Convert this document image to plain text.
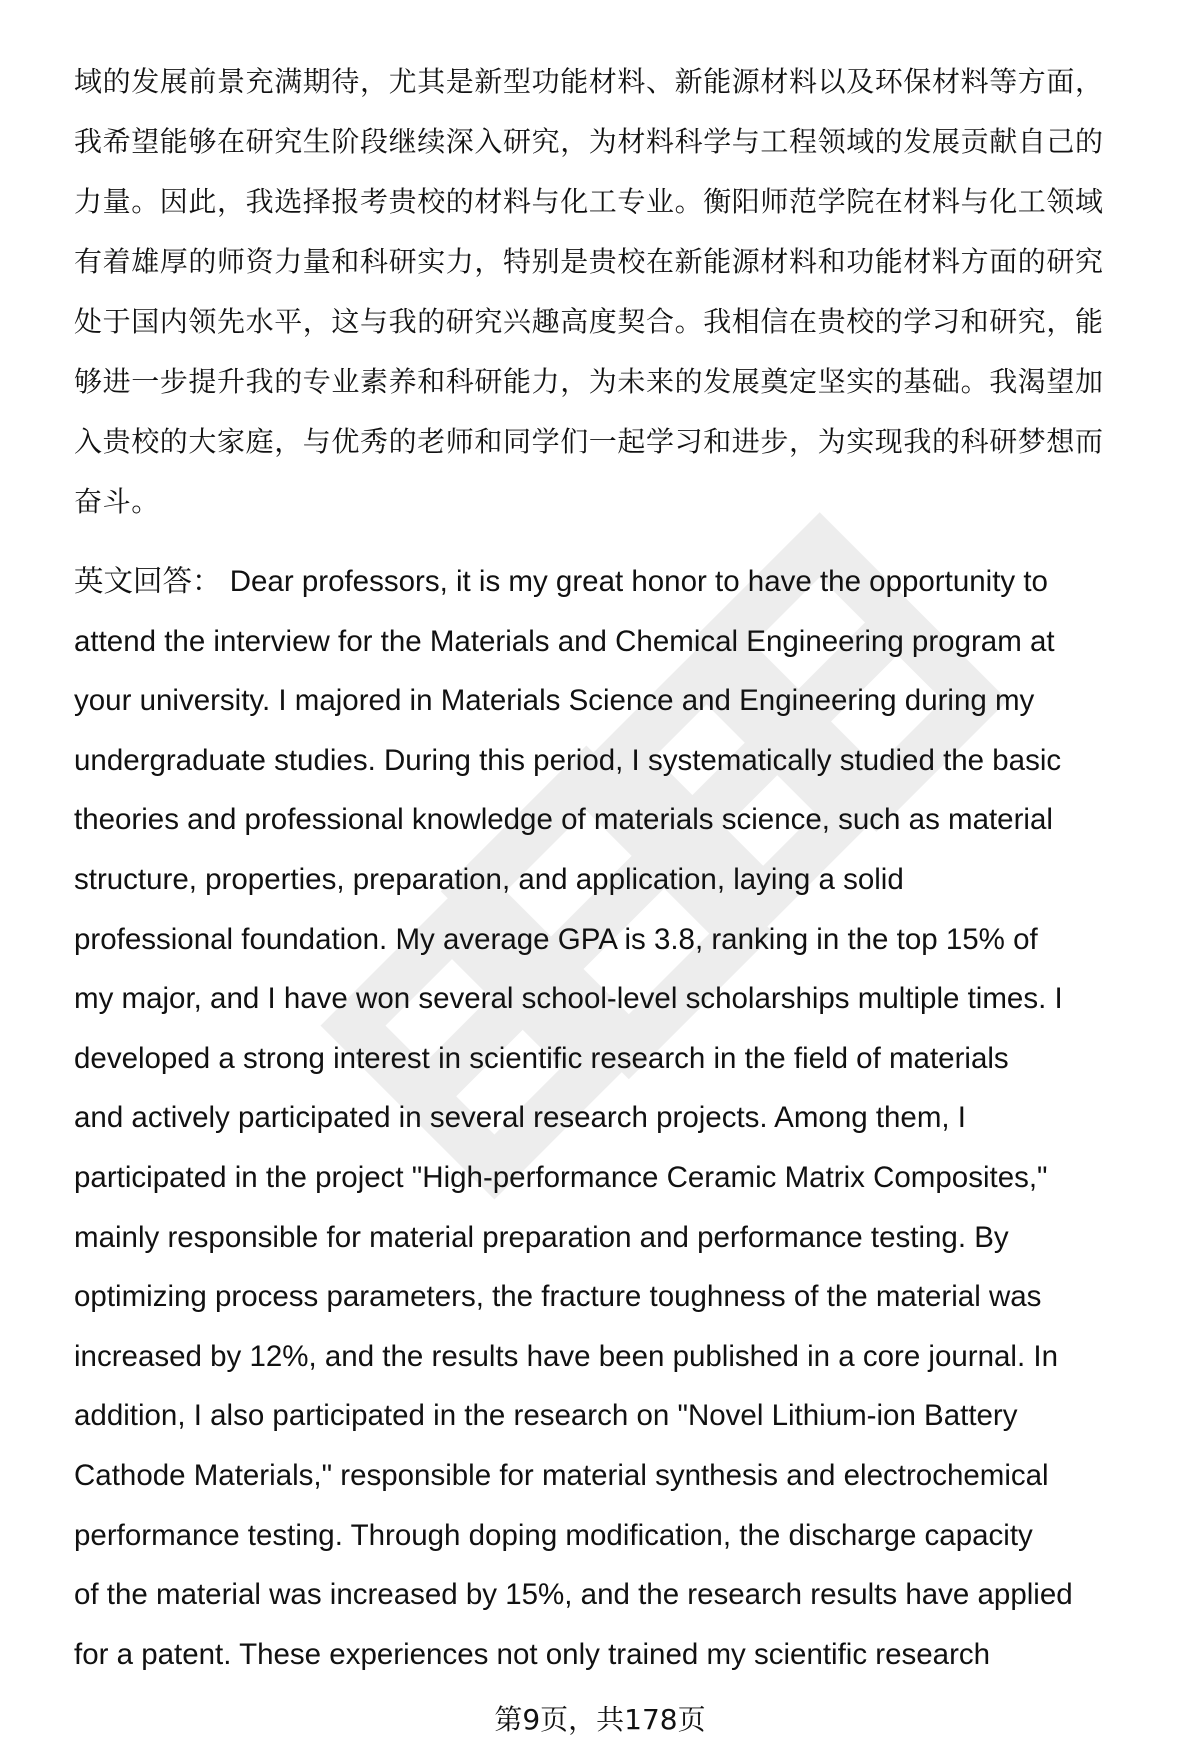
域的发展前景充满期待，尤其是新型功能材料、新能源材料以及环保材料等方面，

我希望能够在研究生阶段继续深入研究，为材料科学与工程领域的发展贡献自己的

力量。因此，我选择报考贵校的材料与化工专业。衡阳师范学院在材料与化工领域

有着雄厚的师资力量和科研实力，特别是贵校在新能源材料和功能材料方面的研究

处于国内领先水平，这与我的研究兴趣高度契合。我相信在贵校的学习和研究，能

够进一步提升我的专业素养和科研能力，为未来的发展奠定坚实的基础。我渴望加

入贵校的大家庭，与优秀的老师和同学们一起学习和进步，为实现我的科研梦想而

奋斗。

英文回答： Dear professors, it is my great honor to have the opportunity to

attend the interview for the Materials and Chemical Engineering program at

your university. I majored in Materials Science and Engineering during my

undergraduate studies. During this period, I systematically studied the basic

theories and professional knowledge of materials science, such as material

structure, properties, preparation, and application, laying a solid

professional foundation. My average GPA is 3.8, ranking in the top 15% of

my major, and I have won several school-level scholarships multiple times. I

developed a strong interest in scientific research in the field of materials

and actively participated in several research projects. Among them, I

participated in the project "High-performance Ceramic Matrix Composites,"

mainly responsible for material preparation and performance testing. By

optimizing process parameters, the fracture toughness of the material was

increased by 12%, and the results have been published in a core journal. In

addition, I also participated in the research on "Novel Lithium-ion Battery

Cathode Materials," responsible for material synthesis and electrochemical

performance testing. Through doping modification, the discharge capacity

of the material was increased by 15%, and the research results have applied

for a patent. These experiences not only trained my scientific research

第9页，共178页
